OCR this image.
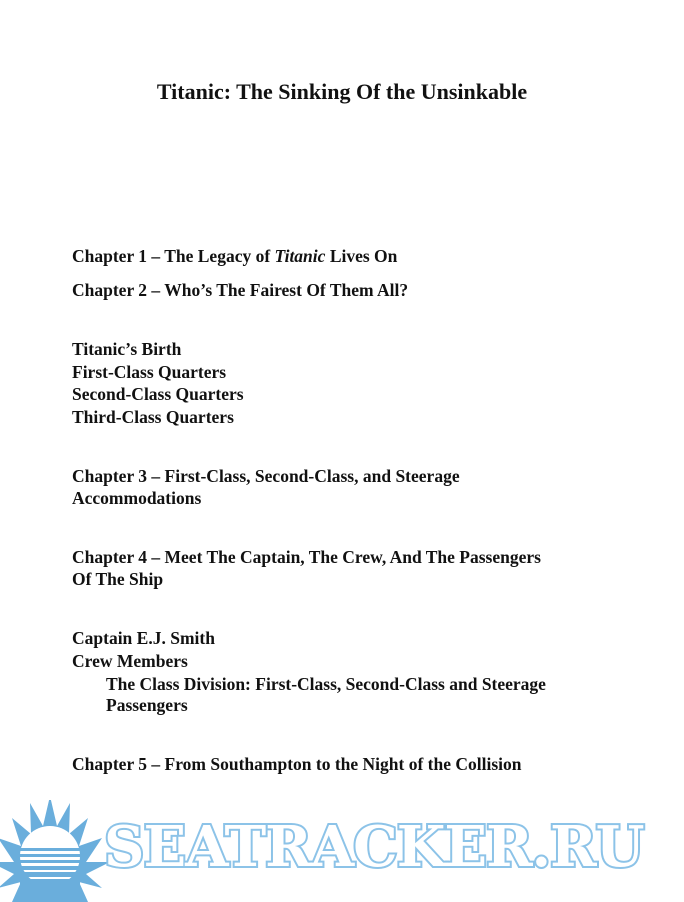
Titanic: The Sinking Of the Unsinkable
Chapter 1 – The Legacy of Titanic Lives On
Chapter 2 – Who’s The Fairest Of Them All?
Titanic’s Birth
First-Class Quarters
Second-Class Quarters
Third-Class Quarters
Chapter 3 – First-Class, Second-Class, and Steerage
Accommodations
Chapter 4 – Meet The Captain, The Crew, And The Passengers
Of The Ship
Captain E.J. Smith
Crew Members
The Class Division: First-Class, Second-Class and Steerage
Passengers
Chapter 5 – From Southampton to the Night of the Collision
SEATRACKER.RU
